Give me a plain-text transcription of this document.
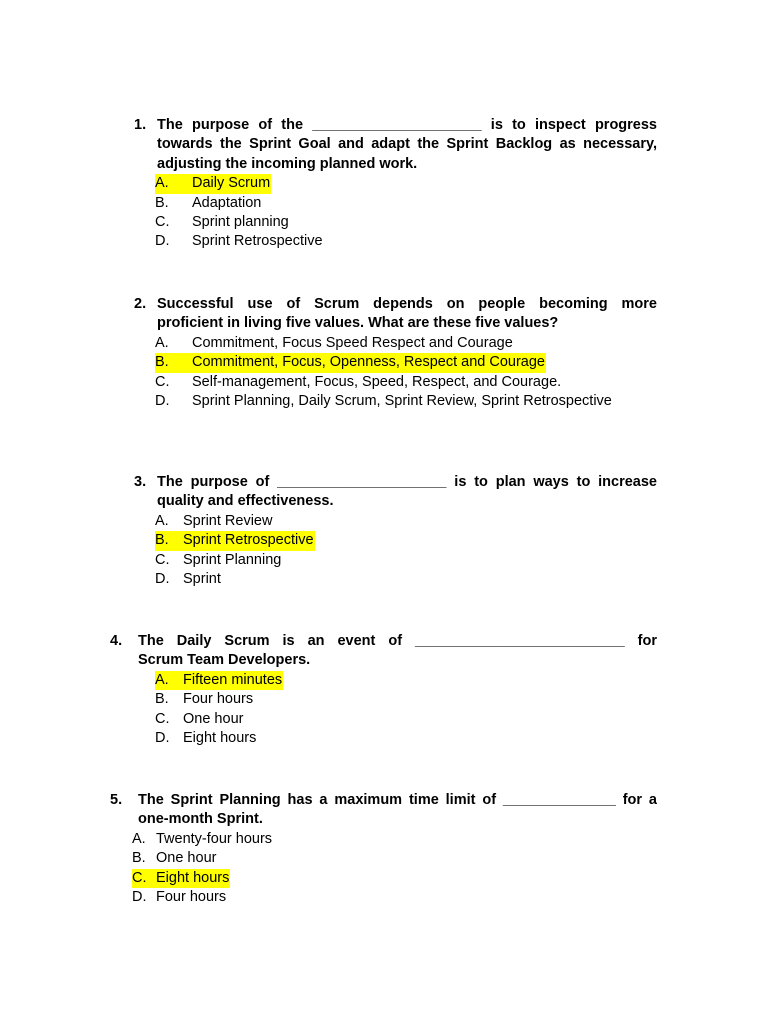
1. The purpose of the _____________________ is to inspect progress
towards the Sprint Goal and adapt the Sprint Backlog as necessary,
adjusting the incoming planned work.
A. Daily Scrum
B. Adaptation
C. Sprint planning
D. Sprint Retrospective
2. Successful use of Scrum depends on people becoming more
proficient in living five values. What are these five values?
A. Commitment, Focus Speed Respect and Courage
B. Commitment, Focus, Openness, Respect and Courage
C. Self-management, Focus, Speed, Respect, and Courage.
D. Sprint Planning, Daily Scrum, Sprint Review, Sprint Retrospective
3. The purpose of _____________________ is to plan ways to increase
quality and effectiveness.
A. Sprint Review
B. Sprint Retrospective
C. Sprint Planning
D. Sprint
4. The Daily Scrum is an event of __________________________ for
Scrum Team Developers.
A. Fifteen minutes
B. Four hours
C. One hour
D. Eight hours
5. The Sprint Planning has a maximum time limit of ______________ for a
one-month Sprint.
A. Twenty-four hours
B. One hour
C. Eight hours
D. Four hours
